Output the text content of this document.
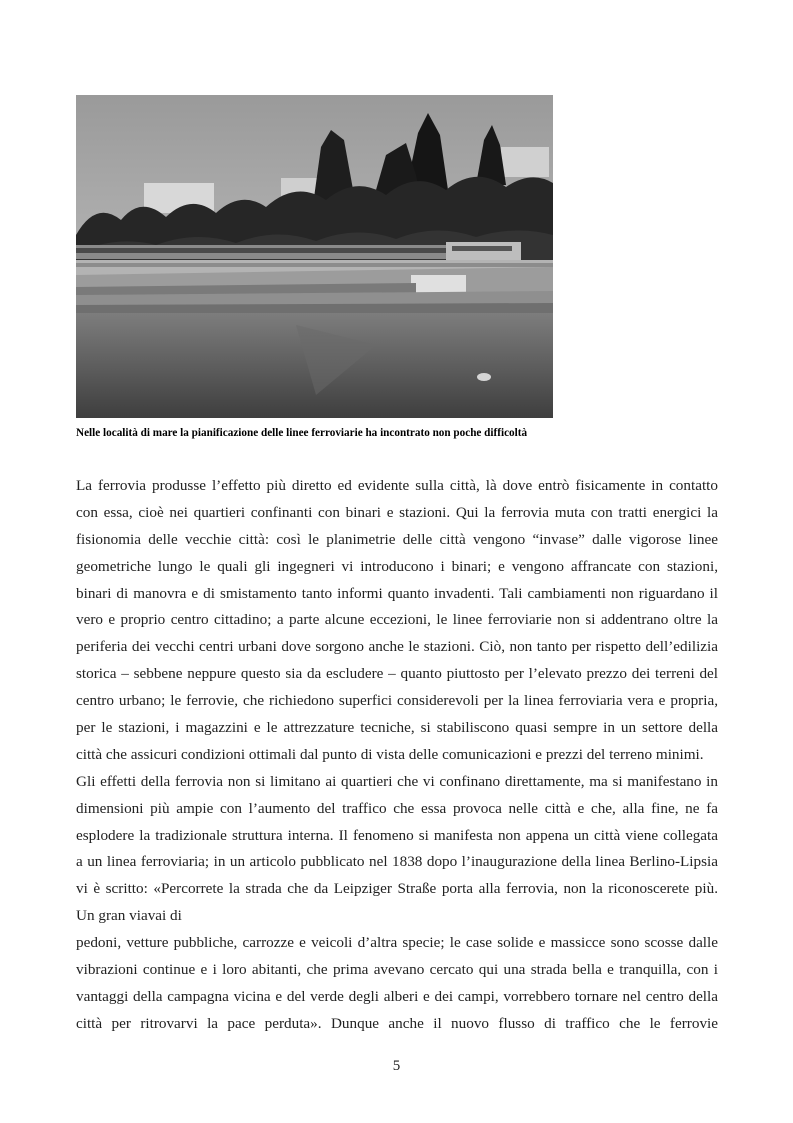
Nelle località di mare la pianificazione delle linee ferroviarie ha incontrato non poche difficoltà
La ferrovia produsse l’effetto più diretto ed evidente sulla città, là dove entrò fisicamente in contatto
con essa, cioè nei quartieri confinanti con binari e stazioni. Qui la ferrovia muta con tratti energici la
fisionomia delle vecchie città: così le planimetrie delle città vengono “invase” dalle vigorose linee
geometriche lungo le quali gli ingegneri vi introducono i binari; e vengono affrancate con stazioni,
binari di manovra e di smistamento tanto informi quanto invadenti. Tali cambiamenti non riguardano il
vero e proprio centro cittadino; a parte alcune eccezioni, le linee ferroviarie non si addentrano oltre la
periferia dei vecchi centri urbani dove sorgono anche le stazioni. Ciò, non tanto per rispetto dell’edilizia
storica – sebbene neppure questo sia da escludere – quanto piuttosto per l’elevato prezzo dei terreni del
centro urbano; le ferrovie, che richiedono superfici considerevoli per la linea ferroviaria vera e propria,
per le stazioni, i magazzini e le attrezzature tecniche, si stabiliscono quasi sempre in un settore della
città che assicuri condizioni ottimali dal punto di vista delle comunicazioni e prezzi del terreno minimi.
Gli effetti della ferrovia non si limitano ai quartieri che vi confinano direttamente, ma si manifestano in
dimensioni più ampie con l’aumento del traffico che essa provoca nelle città e che, alla fine, ne fa
esplodere la tradizionale struttura interna. Il fenomeno si manifesta non appena un città viene collegata
a un linea ferroviaria; in un articolo pubblicato nel 1838 dopo l’inaugurazione della linea Berlino-Lipsia
vi è scritto: «Percorrete la strada che da Leipziger Straße porta alla ferrovia, non la riconoscerete più.
Un gran viavai di
pedoni, vetture pubbliche, carrozze e veicoli d’altra specie; le case solide e massicce sono scosse dalle
vibrazioni continue e i loro abitanti, che prima avevano cercato qui una strada bella e tranquilla, con i
vantaggi della campagna vicina e del verde degli alberi e dei campi, vorrebbero tornare nel centro della
città per ritrovarvi la pace perduta». Dunque anche il nuovo flusso di traffico che le ferrovie
5
